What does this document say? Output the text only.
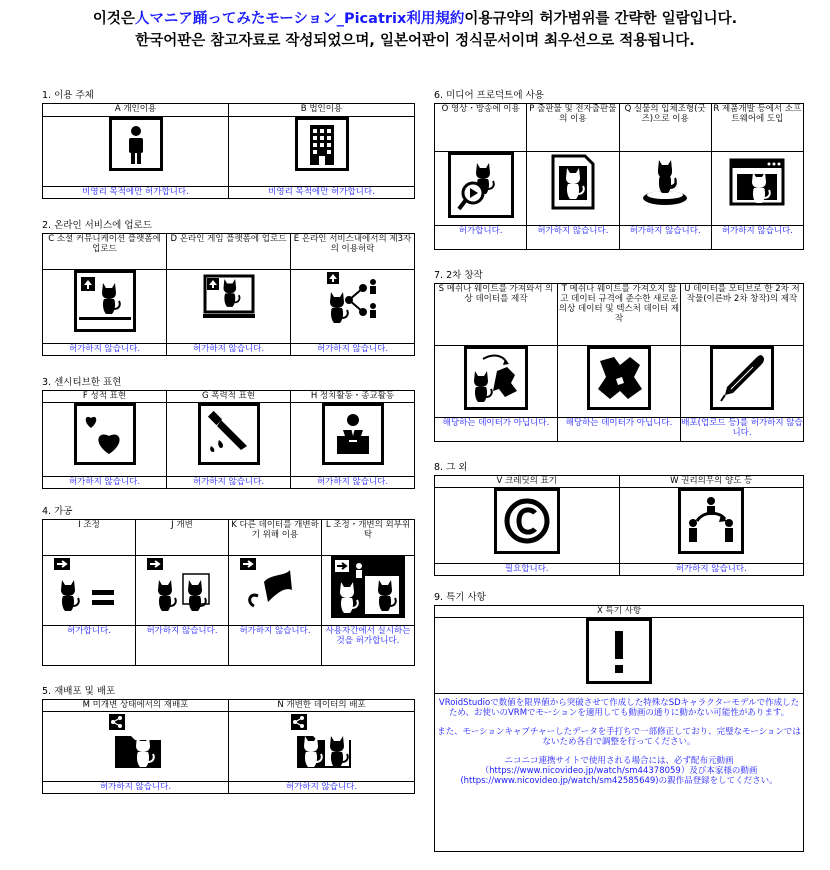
이것은人マニア踊ってみたモーション_Picatrix利用規約이용규약의 허가범위를 간략한 일람입니다.
한국어판은 참고자료로 작성되었으며, 일본어판이 정식문서이며 최우선으로 적용됩니다.
1. 이용 주체
A 개인이용	B 법인이용

비영리 목적에만 허가합니다.	비영리 목적에만 허가합니다.
2. 온라인 서비스에 업로드
C 소셜 커뮤니케이션 플랫폼에 업로드	D 온라인 게임 플랫폼에 업로드	E 온라인 서비스내에서의 제3자의 이용허락

허가하지 않습니다.	허가하지 않습니다.	허가하지 않습니다.
3. 센시티브한 표현
F 성적 표현	G 폭력적 표현	H 정치활동・종교활동

허가하지 않습니다.	허가하지 않습니다.	허가하지 않습니다.
4. 가공
I 조정	J 개변	K 다른 데이터를 개변하기 위해 이용	L 조정・개변의 외부위탁

허가합니다.	허가하지 않습니다.	허가하지 않습니다.	사용자간에서 실시하는 것을 허가합니다.
5. 재배포 및 배포
M 미개변 상태에서의 재배포	N 개변한 데이터의 배포

허가하지 않습니다.	허가하지 않습니다.
6. 미디어 프로덕트에 사용
O 영상・방송에 이용	P 출판물 및 전자출판물의 이용	Q 실물의 입체조형(굿즈)으로 이용	R 제품개발 등에서 소프트웨어에 도입

허가합니다.	허가하지 않습니다.	허가하지 않습니다.	허가하지 않습니다.
7. 2차 창작
S 메쉬나 웨이트를 가져와서 의상 데이터를 제작	T 메쉬나 웨이트를 가져오지 않고 데이터 규격에 준수한 새로운 의상 데이터 및 텍스처 데이터 제작	U 데이터를 모티브로 한 2차 저작물(이른바 2차 창작)의 제작

해당하는 데이터가 아닙니다.	해당하는 데이터가 아닙니다.	배포(업로드 등)를 허가하지 않습니다.
8. 그 외
V 크레딧의 표기	W 권리의무의 양도 등

필요합니다.	허가하지 않습니다.
9. 특기 사항
X 특기 사항

VRoidStudioで数値を限界値から突破させて作成した特殊なSDキャラクターモデルで作成したため、お使いのVRMでモーションを適用しても動画の通りに動かない可能性があります。

また、モーションキャプチャーしたデータを手打ちで一部修正しており、完璧なモーションではないため各自で調整を行ってください。

ニコニコ連携サイトで使用される場合には、必ず配布元動画（https://www.nicovideo.jp/watch/sm44378059）及び本家様の動画(https://www.nicovideo.jp/watch/sm42585649)の親作品登録をしてください。
